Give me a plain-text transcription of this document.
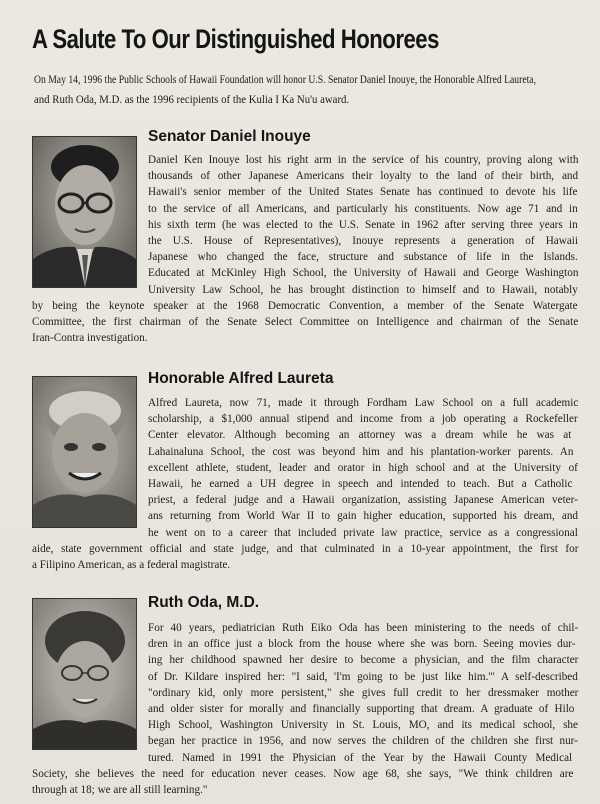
A Salute To Our Distinguished Honorees
On May 14, 1996 the Public Schools of Hawaii Foundation will honor U.S. Senator Daniel Inouye, the Honorable Alfred Laureta,
and Ruth Oda, M.D. as the 1996 recipients of the Kulia I Ka Nu'u award.
Senator Daniel Inouye
Daniel Ken Inouye lost his right arm in the service of his country, proving along with
thousands of other Japanese Americans their loyalty to the land of their birth, and
Hawaii's senior member of the United States Senate has continued to devote his life
to the service of all Americans, and particularly his constituents. Now age 71 and in
his sixth term (he was elected to the U.S. Senate in 1962 after serving three years in
the U.S. House of Representatives), Inouye represents a generation of Hawaii
Japanese who changed the face, structure and substance of life in the Islands.
Educated at McKinley High School, the University of Hawaii and George Washington
University Law School, he has brought distinction to himself and to Hawaii, notably
by being the keynote speaker at the 1968 Democratic Convention, a member of the Senate Watergate
Committee, the first chairman of the Senate Select Committee on Intelligence and chairman of the Senate
Iran-Contra investigation.
Honorable Alfred Laureta
Alfred Laureta, now 71, made it through Fordham Law School on a full academic
scholarship, a $1,000 annual stipend and income from a job operating a Rockefeller
Center elevator. Although becoming an attorney was a dream while he was at
Lahainaluna School, the cost was beyond him and his plantation-worker parents. An
excellent athlete, student, leader and orator in high school and at the University of
Hawaii, he earned a UH degree in speech and intended to teach. But a Catholic
priest, a federal judge and a Hawaii organization, assisting Japanese American veter-
ans returning from World War II to gain higher education, supported his dream, and
he went on to a career that included private law practice, service as a congressional
aide, state government official and state judge, and that culminated in a 10-year appointment, the first for
a Filipino American, as a federal magistrate.
Ruth Oda, M.D.
For 40 years, pediatrician Ruth Eiko Oda has been ministering to the needs of chil-
dren in an office just a block from the house where she was born. Seeing movies dur-
ing her childhood spawned her desire to become a physician, and the film character
of Dr. Kildare inspired her: "I said, 'I'm going to be just like him.'" A self-described
"ordinary kid, only more persistent," she gives full credit to her dressmaker mother
and older sister for morally and financially supporting that dream. A graduate of Hilo
High School, Washington University in St. Louis, MO, and its medical school, she
began her practice in 1956, and now serves the children of the children she first nur-
tured. Named in 1991 the Physician of the Year by the Hawaii County Medical
Society, she believes the need for education never ceases. Now age 68, she says, "We think children are
through at 18; we are all still learning."
